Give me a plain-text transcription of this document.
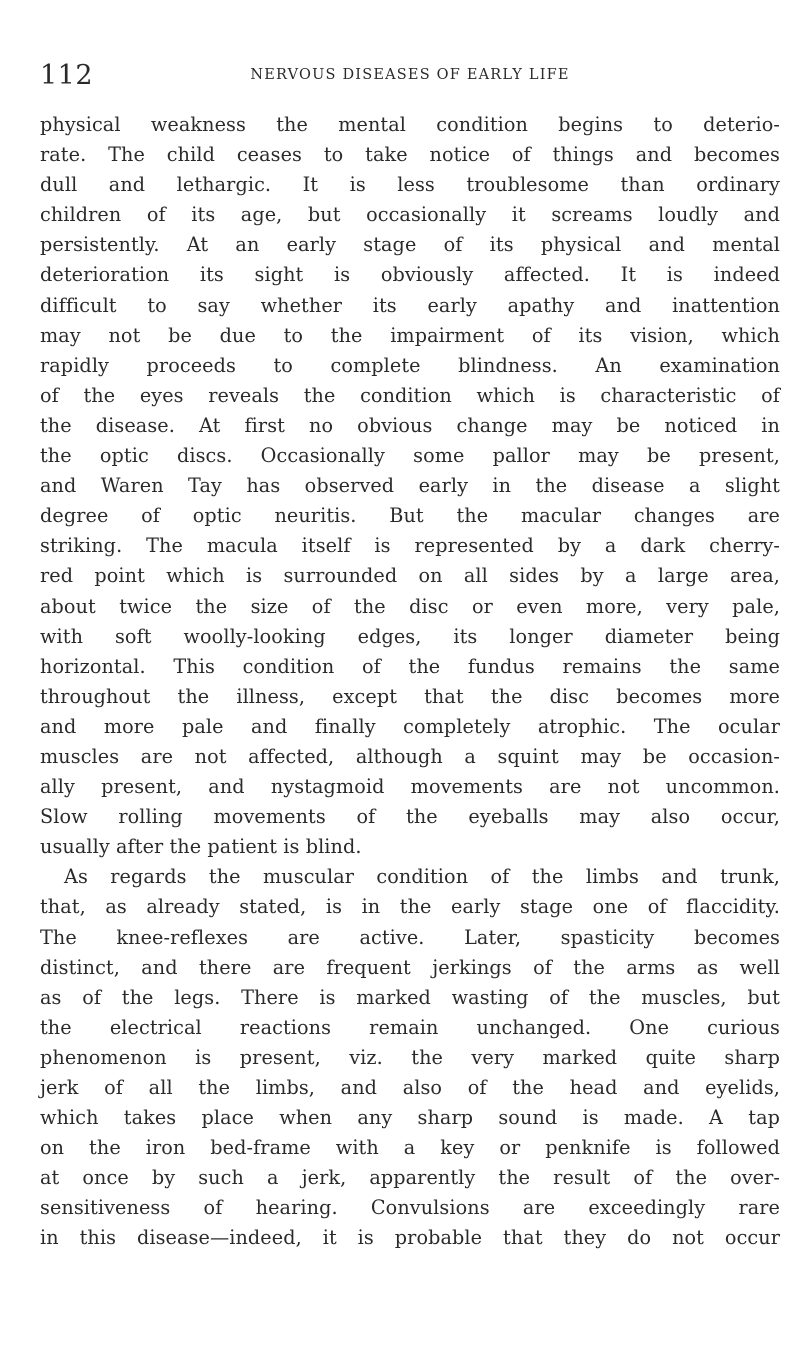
112	NERVOUS DISEASES OF EARLY LIFE
physical weakness the mental condition begins to deterio-
rate. The child ceases to take notice of things and becomes
dull and lethargic. It is less troublesome than ordinary
children of its age, but occasionally it screams loudly and
persistently. At an early stage of its physical and mental
deterioration its sight is obviously affected. It is indeed
difficult to say whether its early apathy and inattention
may not be due to the impairment of its vision, which
rapidly proceeds to complete blindness. An examination
of the eyes reveals the condition which is characteristic of
the disease. At first no obvious change may be noticed in
the optic discs. Occasionally some pallor may be present,
and Waren Tay has observed early in the disease a slight
degree of optic neuritis. But the macular changes are
striking. The macula itself is represented by a dark cherry-
red point which is surrounded on all sides by a large area,
about twice the size of the disc or even more, very pale,
with soft woolly-looking edges, its longer diameter being
horizontal. This condition of the fundus remains the same
throughout the illness, except that the disc becomes more
and more pale and finally completely atrophic. The ocular
muscles are not affected, although a squint may be occasion-
ally present, and nystagmoid movements are not uncommon.
Slow rolling movements of the eyeballs may also occur,
usually after the patient is blind.
As regards the muscular condition of the limbs and trunk,
that, as already stated, is in the early stage one of flaccidity.
The knee-reflexes are active. Later, spasticity becomes
distinct, and there are frequent jerkings of the arms as well
as of the legs. There is marked wasting of the muscles, but
the electrical reactions remain unchanged. One curious
phenomenon is present, viz. the very marked quite sharp
jerk of all the limbs, and also of the head and eyelids,
which takes place when any sharp sound is made. A tap
on the iron bed-frame with a key or penknife is followed
at once by such a jerk, apparently the result of the over-
sensitiveness of hearing. Convulsions are exceedingly rare
in this disease—indeed, it is probable that they do not occur
